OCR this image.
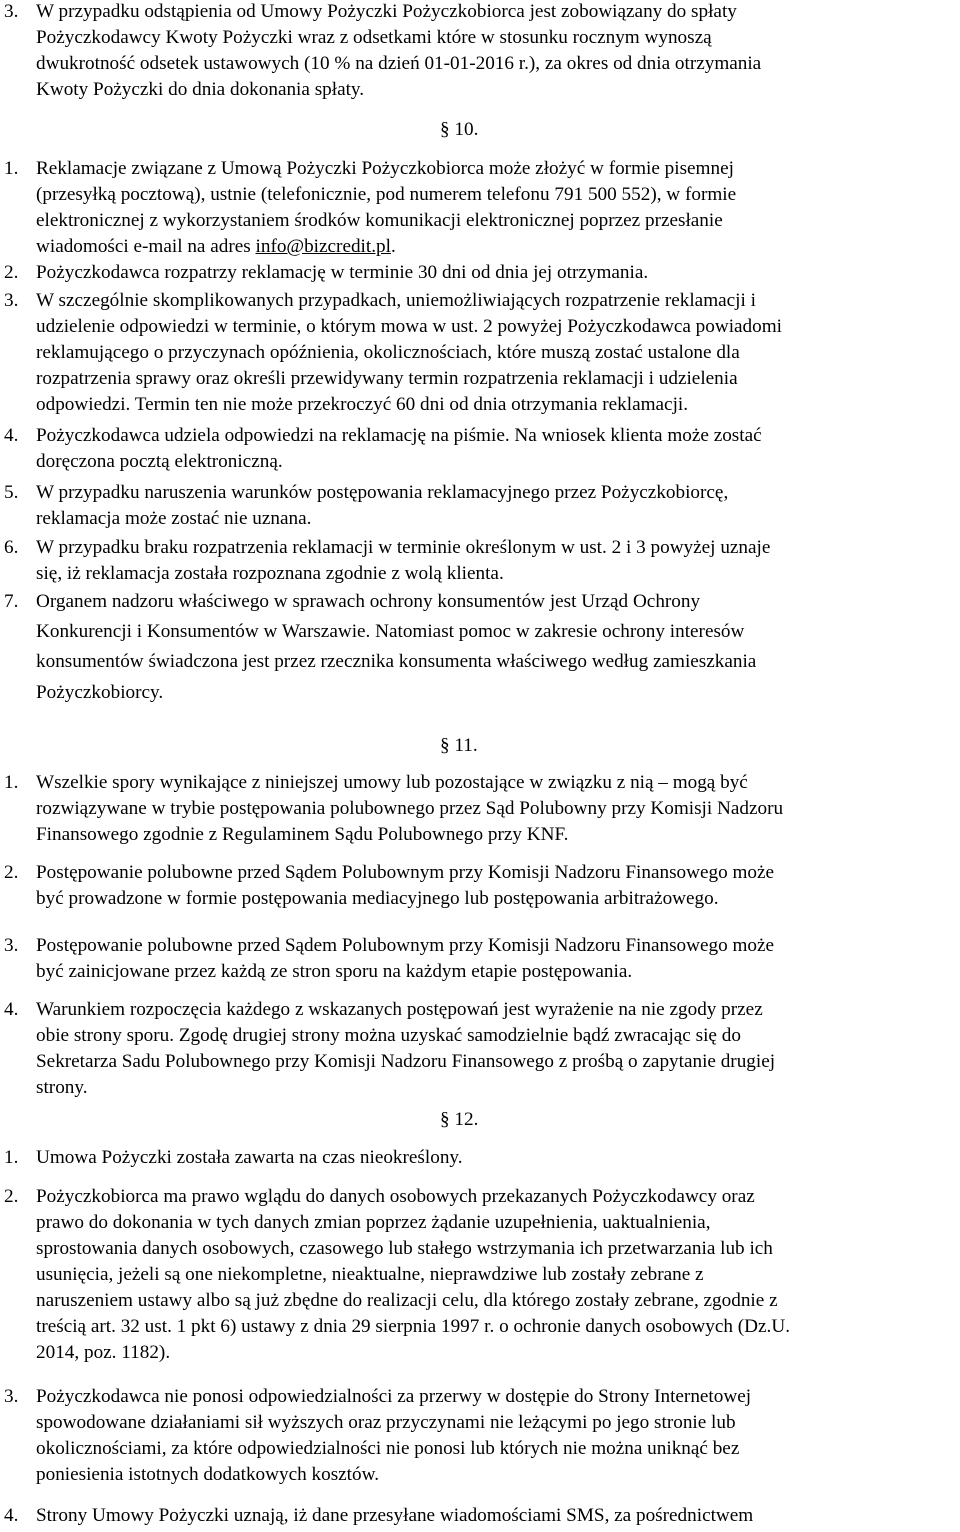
3. W przypadku odstąpienia od Umowy Pożyczki Pożyczkobiorca jest zobowiązany do spłaty
Pożyczkodawcy Kwoty Pożyczki wraz z odsetkami które w stosunku rocznym wynoszą
dwukrotność odsetek ustawowych (10 % na dzień 01-01-2016 r.), za okres od dnia otrzymania
Kwoty Pożyczki do dnia dokonania spłaty.
§ 10.
1. Reklamacje związane z Umową Pożyczki Pożyczkobiorca może złożyć w formie pisemnej
(przesyłką pocztową), ustnie (telefonicznie, pod numerem telefonu 791 500 552), w formie
elektronicznej z wykorzystaniem środków komunikacji elektronicznej poprzez przesłanie
wiadomości e-mail na adres info@bizcredit.pl.
2. Pożyczkodawca rozpatrzy reklamację w terminie 30 dni od dnia jej otrzymania.
3. W szczególnie skomplikowanych przypadkach, uniemożliwiających rozpatrzenie reklamacji i
udzielenie odpowiedzi w terminie, o którym mowa w ust. 2 powyżej Pożyczkodawca powiadomi
reklamującego o przyczynach opóźnienia, okolicznościach, które muszą zostać ustalone dla
rozpatrzenia sprawy oraz określi przewidywany termin rozpatrzenia reklamacji i udzielenia
odpowiedzi. Termin ten nie może przekroczyć 60 dni od dnia otrzymania reklamacji.
4. Pożyczkodawca udziela odpowiedzi na reklamację na piśmie. Na wniosek klienta może zostać
doręczona pocztą elektroniczną.
5. W przypadku naruszenia warunków postępowania reklamacyjnego przez Pożyczkobiorcę,
reklamacja może zostać nie uznana.
6. W przypadku braku rozpatrzenia reklamacji w terminie określonym w ust. 2 i 3 powyżej uznaje
się, iż reklamacja została rozpoznana zgodnie z wolą klienta.
7. Organem nadzoru właściwego w sprawach ochrony konsumentów jest Urząd Ochrony
Konkurencji i Konsumentów w Warszawie. Natomiast pomoc w zakresie ochrony interesów
konsumentów świadczona jest przez rzecznika konsumenta właściwego według zamieszkania
Pożyczkobiorcy.
§ 11.
1. Wszelkie spory wynikające z niniejszej umowy lub pozostające w związku z nią – mogą być
rozwiązywane w trybie postępowania polubownego przez Sąd Polubowny przy Komisji Nadzoru
Finansowego zgodnie z Regulaminem Sądu Polubownego przy KNF.
2. Postępowanie polubowne przed Sądem Polubownym przy Komisji Nadzoru Finansowego może
być prowadzone w formie postępowania mediacyjnego lub postępowania arbitrażowego.
3. Postępowanie polubowne przed Sądem Polubownym przy Komisji Nadzoru Finansowego może
być zainicjowane przez każdą ze stron sporu na każdym etapie postępowania.
4. Warunkiem rozpoczęcia każdego z wskazanych postępowań jest wyrażenie na nie zgody przez
obie strony sporu. Zgodę drugiej strony można uzyskać samodzielnie bądź zwracając się do
Sekretarza Sadu Polubownego przy Komisji Nadzoru Finansowego z prośbą o zapytanie drugiej
strony.
§ 12.
1. Umowa Pożyczki została zawarta na czas nieokreślony.
2. Pożyczkobiorca ma prawo wglądu do danych osobowych przekazanych Pożyczkodawcy oraz
prawo do dokonania w tych danych zmian poprzez żądanie uzupełnienia, uaktualnienia,
sprostowania danych osobowych, czasowego lub stałego wstrzymania ich przetwarzania lub ich
usunięcia, jeżeli są one niekompletne, nieaktualne, nieprawdziwe lub zostały zebrane z
naruszeniem ustawy albo są już zbędne do realizacji celu, dla którego zostały zebrane, zgodnie z
treścią art. 32 ust. 1 pkt 6) ustawy z dnia 29 sierpnia 1997 r. o ochronie danych osobowych (Dz.U.
2014, poz. 1182).
3. Pożyczkodawca nie ponosi odpowiedzialności za przerwy w dostępie do Strony Internetowej
spowodowane działaniami sił wyższych oraz przyczynami nie leżącymi po jego stronie lub
okolicznościami, za które odpowiedzialności nie ponosi lub których nie można uniknąć bez
poniesienia istotnych dodatkowych kosztów.
4. Strony Umowy Pożyczki uznają, iż dane przesyłane wiadomościami SMS, za pośrednictwem
